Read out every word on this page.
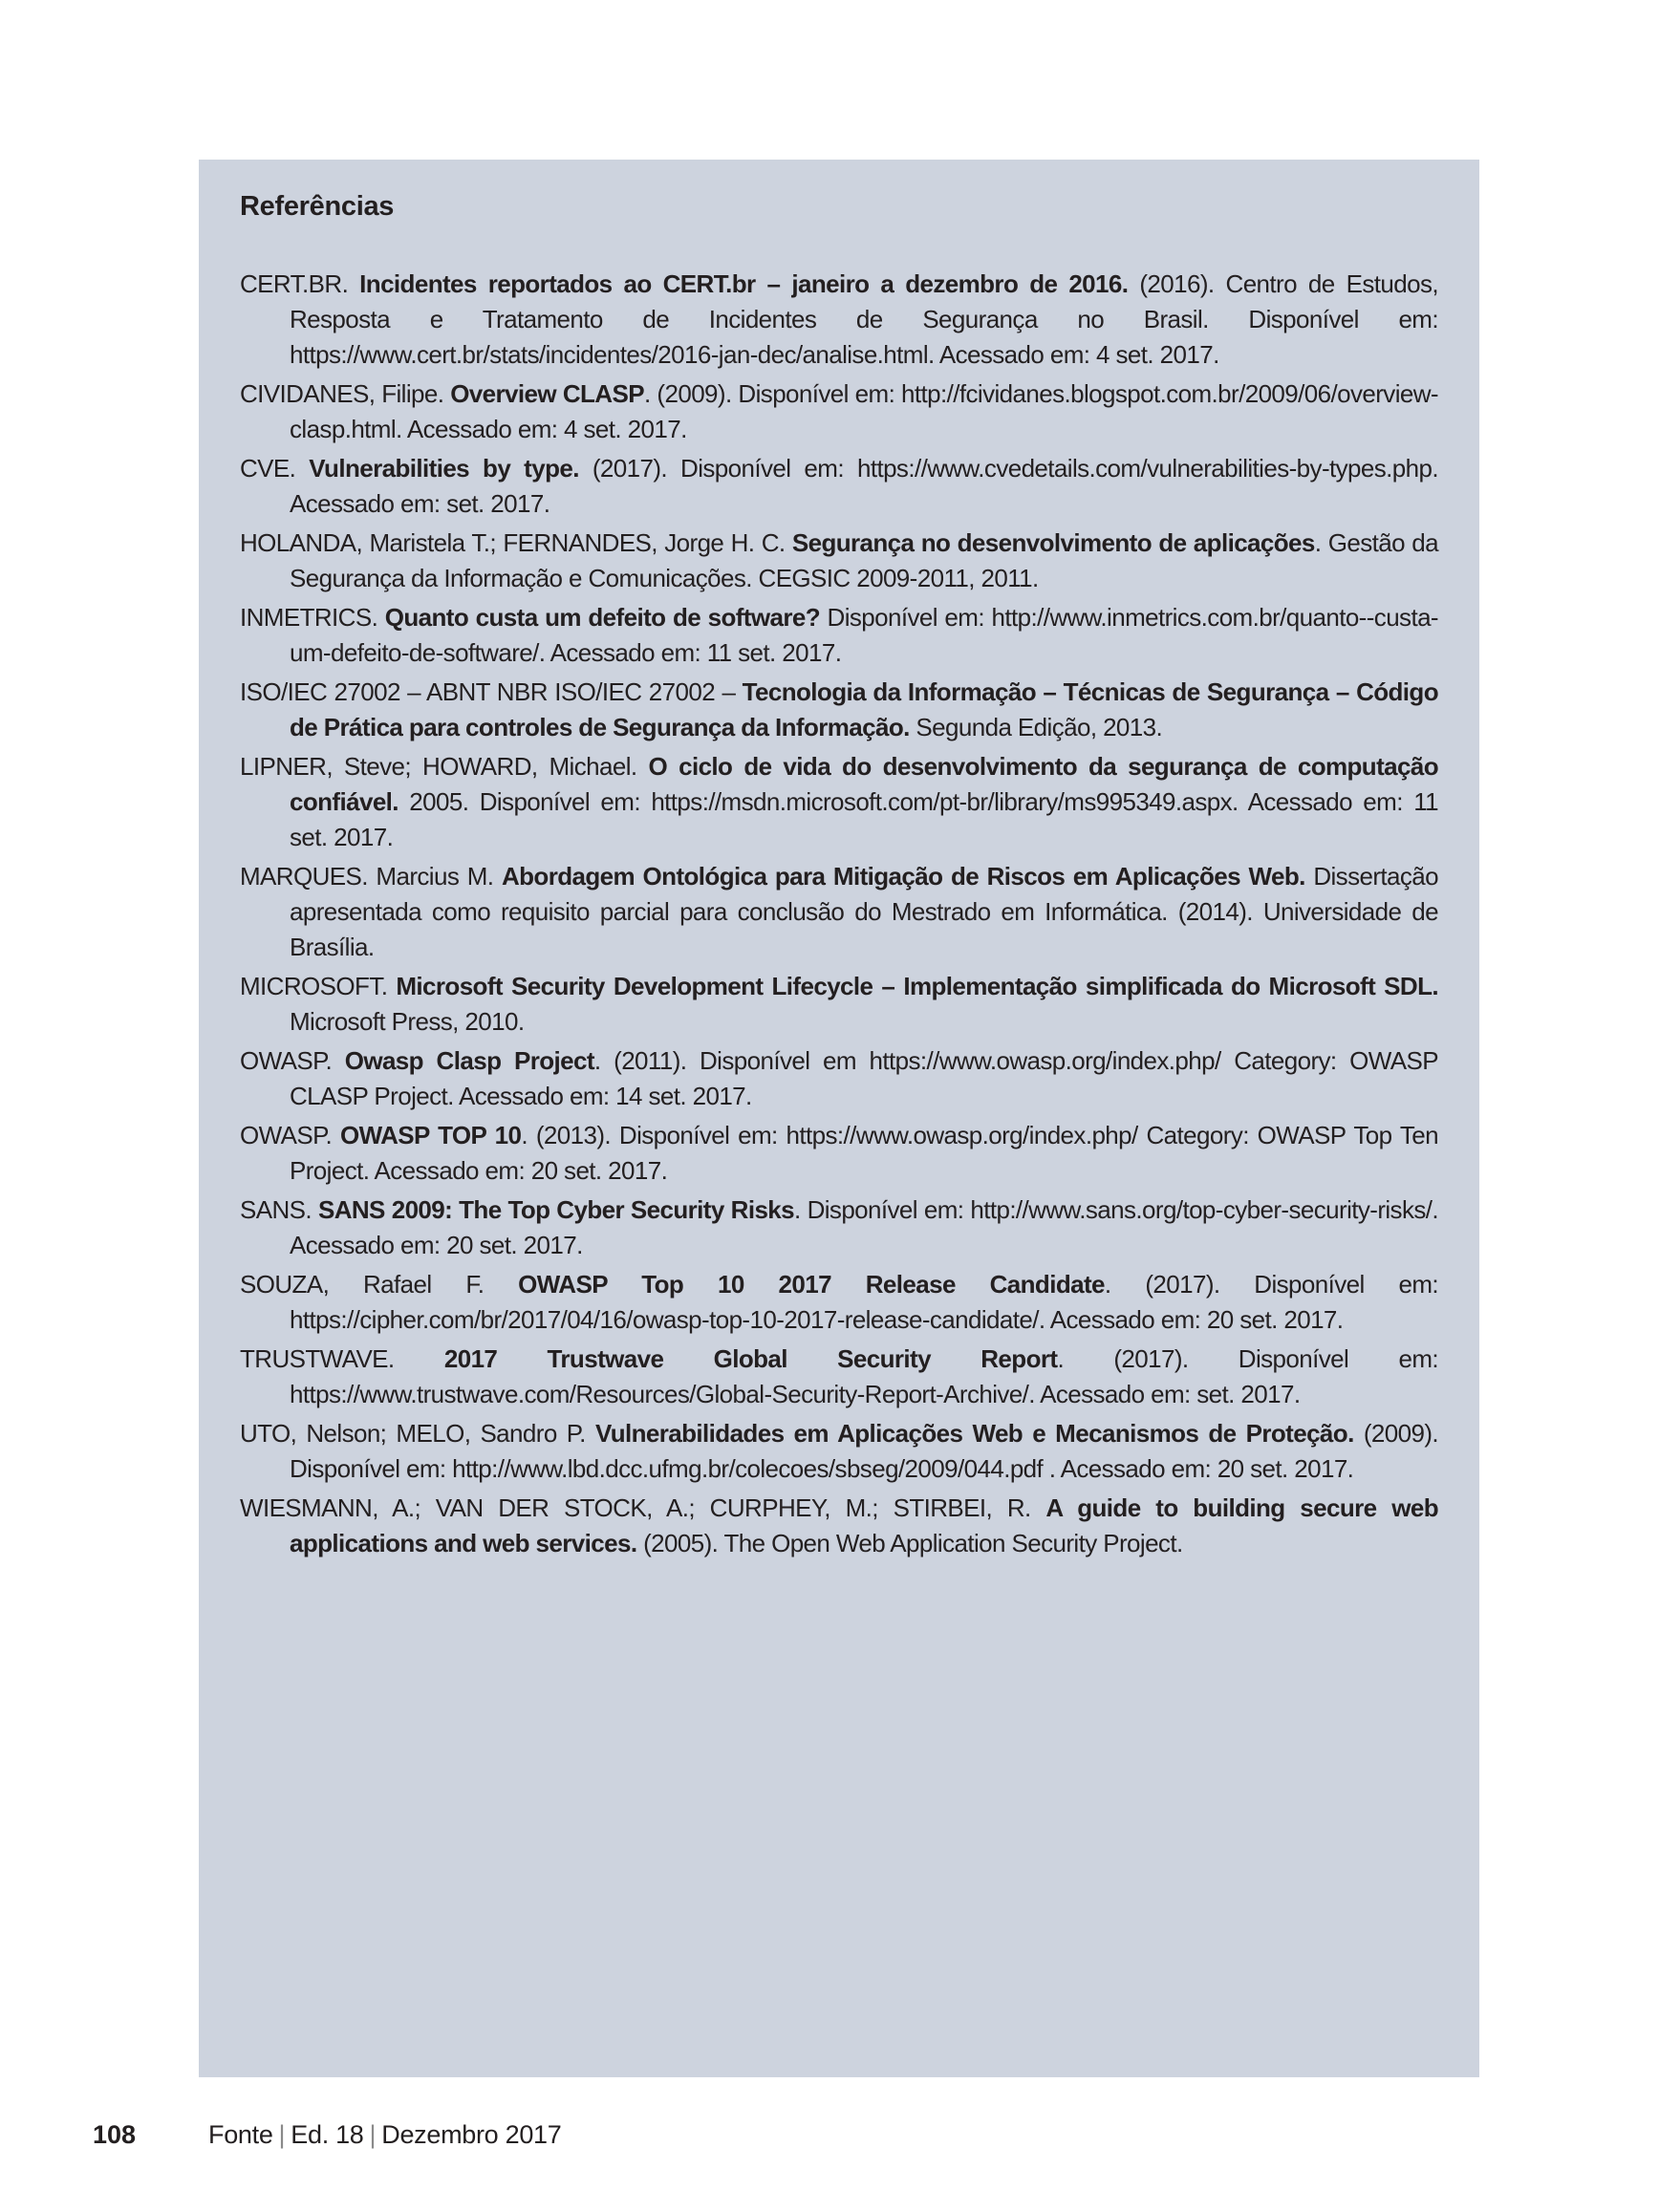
Referências
CERT.BR. Incidentes reportados ao CERT.br – janeiro a dezembro de 2016. (2016). Centro de Estudos, Resposta e Tratamento de Incidentes de Segurança no Brasil. Disponível em: https://www.cert.br/stats/incidentes/2016-jan-dec/analise.html. Acessado em: 4 set. 2017.
CIVIDANES, Filipe. Overview CLASP. (2009). Disponível em: http://fcividanes.blogspot.com.br/2009/06/overview-clasp.html. Acessado em: 4 set. 2017.
CVE. Vulnerabilities by type. (2017). Disponível em: https://www.cvedetails.com/vulnerabilities-by-types.php. Acessado em: set. 2017.
HOLANDA, Maristela T.; FERNANDES, Jorge H. C. Segurança no desenvolvimento de aplicações. Gestão da Segurança da Informação e Comunicações. CEGSIC 2009-2011, 2011.
INMETRICS. Quanto custa um defeito de software? Disponível em: http://www.inmetrics.com.br/quanto--custa-um-defeito-de-software/. Acessado em: 11 set. 2017.
ISO/IEC 27002 – ABNT NBR ISO/IEC 27002 – Tecnologia da Informação – Técnicas de Segurança – Código de Prática para controles de Segurança da Informação. Segunda Edição, 2013.
LIPNER, Steve; HOWARD, Michael. O ciclo de vida do desenvolvimento da segurança de computação confiável. 2005. Disponível em: https://msdn.microsoft.com/pt-br/library/ms995349.aspx. Acessado em: 11 set. 2017.
MARQUES. Marcius M. Abordagem Ontológica para Mitigação de Riscos em Aplicações Web. Dissertação apresentada como requisito parcial para conclusão do Mestrado em Informática. (2014). Universidade de Brasília.
MICROSOFT. Microsoft Security Development Lifecycle – Implementação simplificada do Microsoft SDL. Microsoft Press, 2010.
OWASP. Owasp Clasp Project. (2011). Disponível em https://www.owasp.org/index.php/ Category: OWASP CLASP Project. Acessado em: 14 set. 2017.
OWASP. OWASP TOP 10. (2013). Disponível em: https://www.owasp.org/index.php/ Category: OWASP Top Ten Project. Acessado em: 20 set. 2017.
SANS. SANS 2009: The Top Cyber Security Risks. Disponível em: http://www.sans.org/top-cyber-security-risks/. Acessado em: 20 set. 2017.
SOUZA, Rafael F. OWASP Top 10 2017 Release Candidate. (2017). Disponível em: https://cipher.com/br/2017/04/16/owasp-top-10-2017-release-candidate/. Acessado em: 20 set. 2017.
TRUSTWAVE. 2017 Trustwave Global Security Report. (2017). Disponível em: https://www.trustwave.com/Resources/Global-Security-Report-Archive/. Acessado em: set. 2017.
UTO, Nelson; MELO, Sandro P. Vulnerabilidades em Aplicações Web e Mecanismos de Proteção. (2009). Disponível em: http://www.lbd.dcc.ufmg.br/colecoes/sbseg/2009/044.pdf . Acessado em: 20 set. 2017.
WIESMANN, A.; VAN DER STOCK, A.; CURPHEY, M.; STIRBEI, R. A guide to building secure web applications and web services. (2005). The Open Web Application Security Project.
108	Fonte | Ed. 18 | Dezembro 2017
